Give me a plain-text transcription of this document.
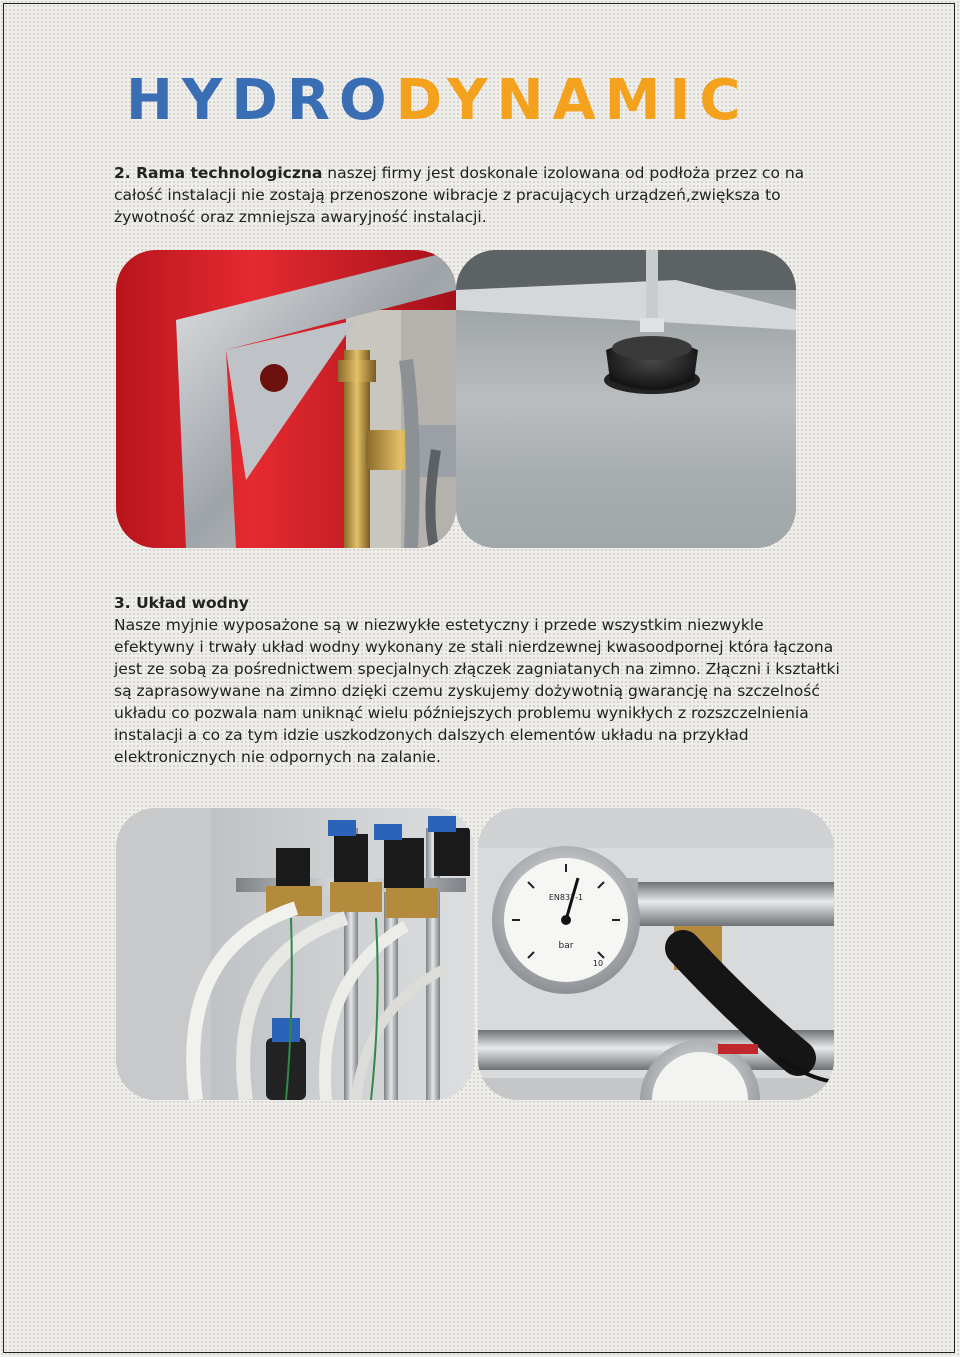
HYDRO DYNAMIC
2. Rama technologiczna naszej firmy jest doskonale izolowana od podłoża przez co na całość instalacji nie zostają przenoszone wibracje z pracujących urządzeń,zwiększa to żywotność oraz zmniejsza awaryjność instalacji.
3. Układ wodny
Nasze myjnie wyposażone są w niezwykłe estetyczny i przede wszystkim niezwykle efektywny i trwały układ wodny wykonany ze stali nierdzewnej kwasoodpornej która łączona jest ze sobą za pośrednictwem specjalnych złączek zagniatanych na zimno. Złączni i kształtki są zaprasowywane na zimno dzięki czemu zyskujemy dożywotnią gwarancję na szczelność układu co pozwala nam uniknąć wielu późniejszych problemu wynikłych z rozszczelnienia instalacji a co za tym idzie uszkodzonych dalszych elementów układu na przykład elektronicznych nie odpornych na zalanie.
EN837-1
bar
10
